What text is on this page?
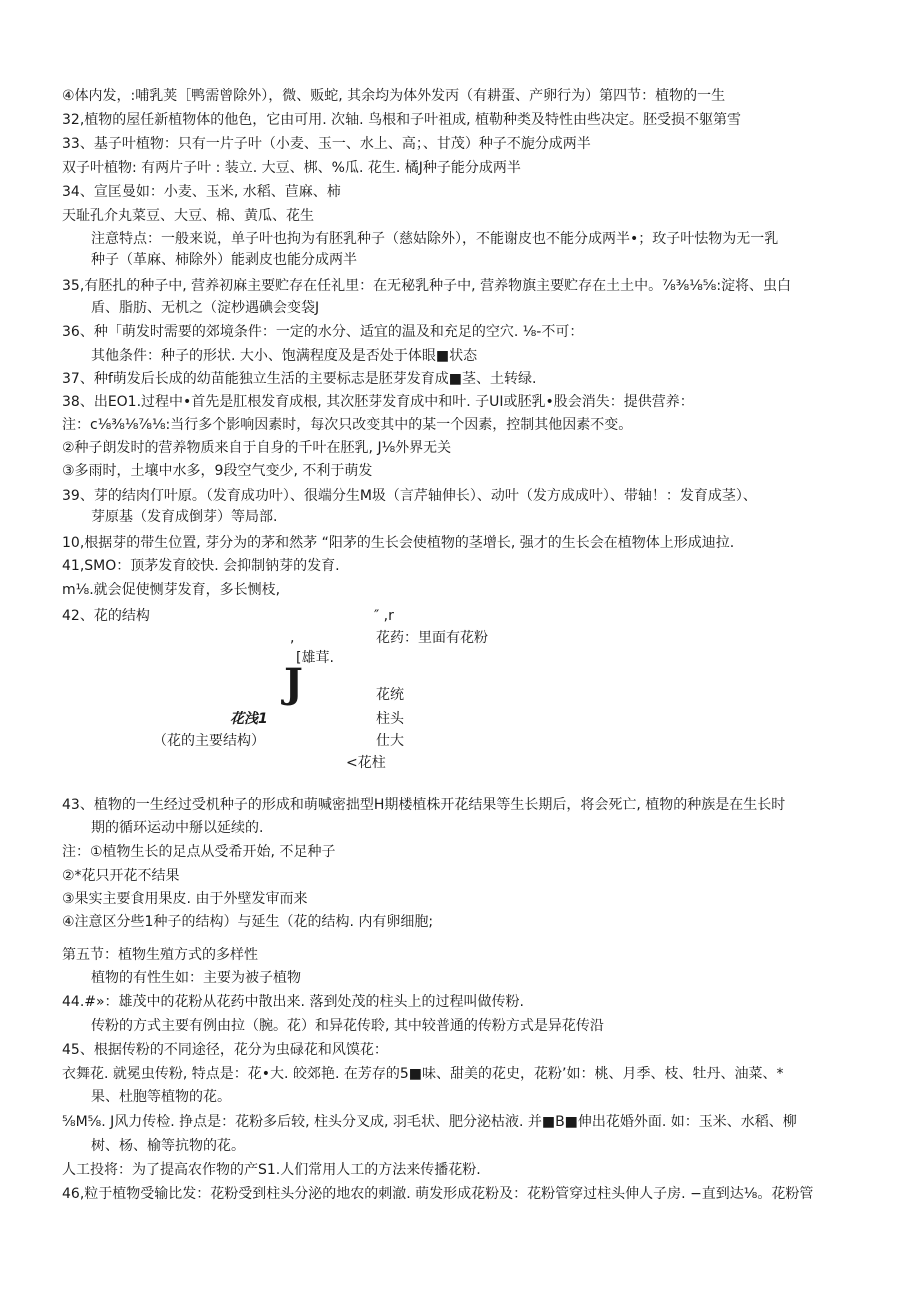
④体内发，:哺乳荚［鸭需曾除外），微、贩蛇, 其余均为体外发丙（有耕蛋、产卵行为）第四节：植物的一生
32,植物的屋任新植物体的他色，它由可用. 次轴. 鸟根和子叶祖成, 植勒种类及特性由些决定。胚受损不躯第雪
33、基子叶植物：只有一片子叶（小麦、玉一、水上、高；、甘茂）种子不旎分成两半
双子叶植物: 有两片子叶 : 装立. 大豆、梆、%瓜. 花生. 橘J种子能分成两半
34、宣匡曼如：小麦、玉米, 水稻、苣麻、柿
天耻孔介丸菜豆、大豆、棉、黄瓜、花生
注意特点：一般来说，单子叶也拘为有胚乳种子（慈姑除外），不能谢皮也不能分成两半•；玫子叶怯物为无一乳
种子（革麻、柿除外）能剥皮也能分成两半
35,有胚扎的种子中, 营养初麻主要贮存在任礼里：在无秘乳种子中, 营养物旗主要贮存在土土中。⅞⅜⅛⅝:淀将、虫白
盾、脂肪、无机之（淀杪遇碘会变袋J
36、种「萌发时需要的郊境条件：一定的水分、适宜的温及和充足的空穴. ⅛-不可：
其他条件：种子的形状. 大小、饱满程度及是否处于体眼■状态
37、种f萌发后长成的幼苗能独立生活的主要标志是胚芽发育成■茎、土转绿.
38、出EO1.过程中•首先是肛根发育成根, 其次胚芽发育成中和叶. 子UI或胚乳•股会消失：提供营养：
注：c⅛⅜⅛⅞⅛:当行多个影响因素时，每次只改变其中的某一个因素，控制其他因素不变。
②种子朗发时的营养物质来自于自身的千叶在胚乳, J⅛外界无关
③多雨时，土壤中水多，9段空气变少, 不利于萌发
39、芽的结肉仃叶原。（发育成功叶）、很端分生M圾（言芹轴伸长）、动叶（发方成成叶）、带轴！：发育成茎）、
芽原基（发育成倒芽）等局部.
10,根据芽的带生位置, 芽分为的茅和然茅 “阳茅的生长会使植物的茎增长, 强才的生长会在植物体上形成迪拉.
41,SMO：顶茅发育皎快. 会抑制钠芽的发育.
m⅛.就会促使恻芽发育，多长恻枝,
42、花的结构	″ ,r
,	花药：里面有花粉
[雄茸.
J	花统
花浅1	柱头
（花的主要结构）	仕大
<花柱
43、植物的一生经过受机种子的形成和萌喊密拙型H期楼植株开花结果等生长期后，将会死亡, 植物的种族是在生长时
期的循环运动中掰以延续的.
注：①植物生长的足点从受希开始, 不足种子
②*花只开花不结果
③果实主要食用果皮. 由于外壁发审而来
④注意区分些1种子的结构）与延生（花的结构. 内有卵细胞;
第五节：植物生殖方式的多样性
植物的有性生如：主要为被子植物
44.#»：雄茂中的花粉从花药中散出来. 落到处茂的柱头上的过程叫做传粉.
传粉的方式主要有例由拉（腕。花）和异花传聆, 其中较普通的传粉方式是异花传沿
45、根据传粉的不同途径，花分为虫碌花和风馍花：
衣舞花. 就冕虫传粉, 特点是：花•大. 皎郊艳. 在芳存的5■味、甜美的花史，花粉’如：桃、月季、枝、牡丹、油菜、*
果、杜胞等植物的花。
⅝M⅝. J风力传检. 挣点是：花粉多后较, 柱头分叉成, 羽毛状、肥分泌枯液. 并■B■伸出花婚外面. 如：玉米、水稻、柳
树、杨、榆等抗物的花。
人工投将：为了提高农作物的产S1.人们常用人工的方法来传播花粉.
46,粒于植物受输比发：花粉受到柱头分泌的地农的刺澈. 萌发形成花粉及：花粉管穿过柱头伸人子房. −直到达⅛。花粉管
